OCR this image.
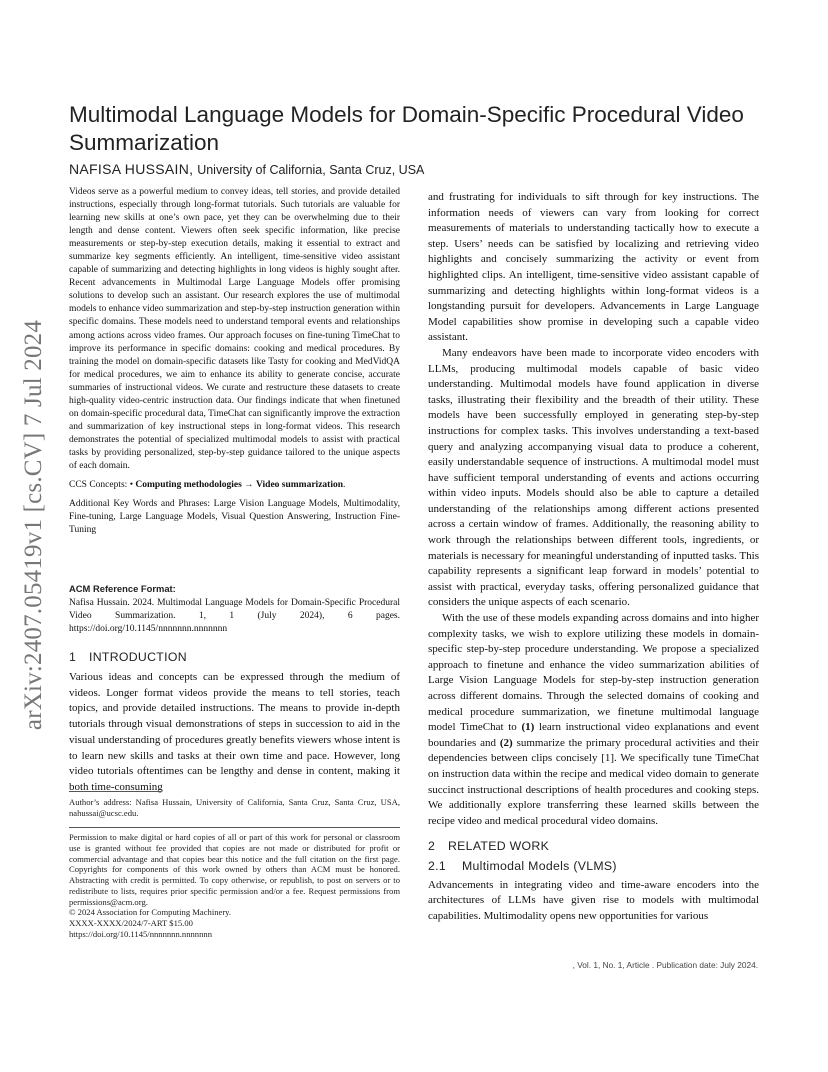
arXiv:2407.05419v1 [cs.CV] 7 Jul 2024
Multimodal Language Models for Domain-Specific Procedural Video Summarization
NAFISA HUSSAIN, University of California, Santa Cruz, USA

Videos serve as a powerful medium to convey ideas, tell stories, and provide detailed instructions, especially through long-format tutorials. Such tutorials are valuable for learning new skills at one’s own pace, yet they can be overwhelming due to their length and dense content. Viewers often seek specific information, like precise measurements or step-by-step execution details, making it essential to extract and summarize key segments efficiently. An intelligent, time-sensitive video assistant capable of summarizing and detecting highlights in long videos is highly sought after. Recent advancements in Multimodal Large Language Models offer promising solutions to develop such an assistant. Our research explores the use of multimodal models to enhance video summarization and step-by-step instruction generation within specific domains. These models need to understand temporal events and relationships among actions across video frames. Our approach focuses on fine-tuning TimeChat to improve its performance in specific domains: cooking and medical procedures. By training the model on domain-specific datasets like Tasty for cooking and MedVidQA for medical procedures, we aim to enhance its ability to generate concise, accurate summaries of instructional videos. We curate and restructure these datasets to create high-quality video-centric instruction data. Our findings indicate that when finetuned on domain-specific procedural data, TimeChat can significantly improve the extraction and summarization of key instructional steps in long-format videos. This research demonstrates the potential of specialized multimodal models to assist with practical tasks by providing personalized, step-by-step guidance tailored to the unique aspects of each domain.

CCS Concepts: • Computing methodologies → Video summarization.

Additional Key Words and Phrases: Large Vision Language Models, Multimodality, Fine-tuning, Large Language Models, Visual Question Answering, Instruction Fine-Tuning

ACM Reference Format:
Nafisa Hussain. 2024. Multimodal Language Models for Domain-Specific Procedural Video Summarization. 1, 1 (July 2024), 6 pages. https://doi.org/10.1145/nnnnnnn.nnnnnnn
1 INTRODUCTION

Various ideas and concepts can be expressed through the medium of videos. Longer format videos provide the means to tell stories, teach topics, and provide detailed instructions. The means to provide in-depth tutorials through visual demonstrations of steps in succession to aid in the visual understanding of procedures greatly benefits viewers whose intent is to learn new skills and tasks at their own time and pace. However, long video tutorials oftentimes can be lengthy and dense in content, making it both time-consuming

Author’s address: Nafisa Hussain, University of California, Santa Cruz, Santa Cruz, USA, nahussai@ucsc.edu.

Permission to make digital or hard copies of all or part of this work for personal or classroom use is granted without fee provided that copies are not made or distributed for profit or commercial advantage and that copies bear this notice and the full citation on the first page. Copyrights for components of this work owned by others than ACM must be honored. Abstracting with credit is permitted. To copy otherwise, or republish, to post on servers or to redistribute to lists, requires prior specific permission and/or a fee. Request permissions from permissions@acm.org.

© 2024 Association for Computing Machinery.

XXXX-XXXX/2024/7-ART $15.00

https://doi.org/10.1145/nnnnnnn.nnnnnnn

and frustrating for individuals to sift through for key instructions. The information needs of viewers can vary from looking for correct measurements of materials to understanding tactically how to execute a step. Users’ needs can be satisfied by localizing and retrieving video highlights and concisely summarizing the activity or event from highlighted clips. An intelligent, time-sensitive video assistant capable of summarizing and detecting highlights within long-format videos is a longstanding pursuit for developers. Advancements in Large Language Model capabilities show promise in developing such a capable video assistant.

Many endeavors have been made to incorporate video encoders with LLMs, producing multimodal models capable of basic video understanding. Multimodal models have found application in diverse tasks, illustrating their flexibility and the breadth of their utility. These models have been successfully employed in generating step-by-step instructions for complex tasks. This involves understanding a text-based query and analyzing accompanying visual data to produce a coherent, easily understandable sequence of instructions. A multimodal model must have sufficient temporal understanding of events and actions occurring within video inputs. Models should also be able to capture a detailed understanding of the relationships among different actions presented across a certain window of frames. Additionally, the reasoning ability to work through the relationships between different tools, ingredients, or materials is necessary for meaningful understanding of inputted tasks. This capability represents a significant leap forward in models’ potential to assist with practical, everyday tasks, offering personalized guidance that considers the unique aspects of each scenario.

With the use of these models expanding across domains and into higher complexity tasks, we wish to explore utilizing these models in domain-specific step-by-step procedure understanding. We propose a specialized approach to finetune and enhance the video summarization abilities of Large Vision Language Models for step-by-step instruction generation across different domains. Through the selected domains of cooking and medical procedure summarization, we finetune multimodal language model TimeChat to (1) learn instructional video explanations and event boundaries and (2) summarize the primary procedural activities and their dependencies between clips concisely [1]. We specifically tune TimeChat on instruction data within the recipe and medical video domain to generate succinct instructional descriptions of health procedures and cooking steps. We additionally explore transferring these learned skills between the recipe video and medical procedural video domains.

2 RELATED WORK
2.1 Multimodal Models (VLMS)

Advancements in integrating video and time-aware encoders into the architectures of LLMs have given rise to models with multimodal capabilities. Multimodality opens new opportunities for various

, Vol. 1, No. 1, Article . Publication date: July 2024.
